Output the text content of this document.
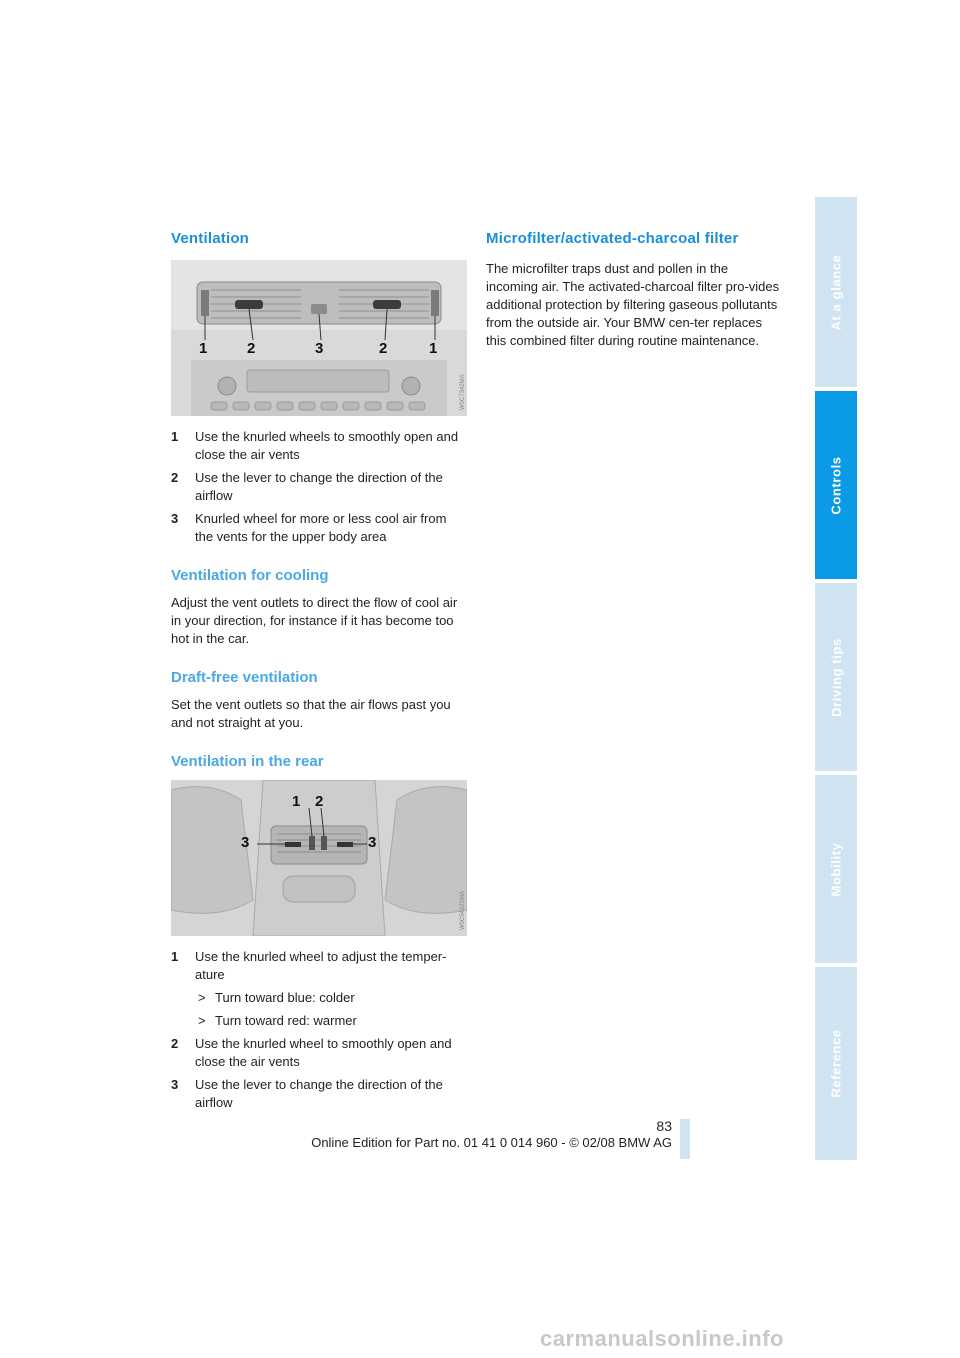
Ventilation
1	2	3	2	1
W0C7342MA
1 Use the knurled wheels to smoothly open and close the air vents
2 Use the lever to change the direction of the airflow
3 Knurled wheel for more or less cool air from the vents for the upper body area
Ventilation for cooling

Adjust the vent outlets to direct the flow of cool air in your direction, for instance if it has become too hot in the car.

Draft-free ventilation

Set the vent outlets so that the air flows past you and not straight at you.

Ventilation in the rear
1 2
3	3
W0C54221MA
1 Use the knurled wheel to adjust the temper-ature
> Turn toward blue: colder
> Turn toward red: warmer
2 Use the knurled wheel to smoothly open and close the air vents
3 Use the lever to change the direction of the airflow
Microfilter/activated-charcoal filter

The microfilter traps dust and pollen in the incoming air. The activated-charcoal filter pro-vides additional protection by filtering gaseous pollutants from the outside air. Your BMW cen-ter replaces this combined filter during routine maintenance.

At a glance
Controls
Driving tips
Mobility
Reference
83
Online Edition for Part no. 01 41 0 014 960 - © 02/08 BMW AG
carmanualsonline.info
